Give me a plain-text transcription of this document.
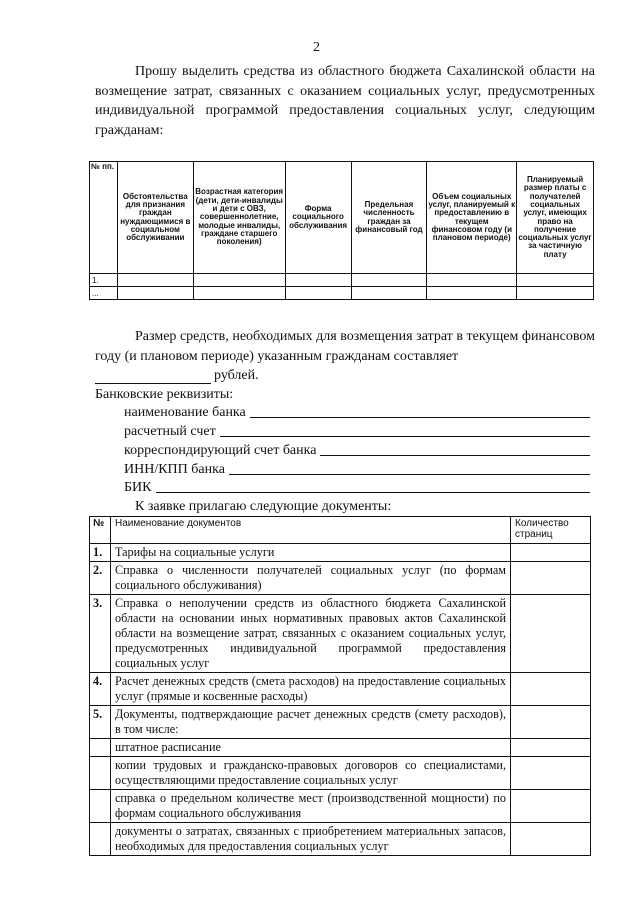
2
Прошу выделить средства из областного бюджета Сахалинской области на возмещение затрат, связанных с оказанием социальных услуг, предусмотренных индивидуальной программой предоставления социальных услуг, следующим гражданам:
№ пп.	Обстоятельства для признания граждан нуждающимися в социальном обслуживании	Возрастная категория (дети, дети-инвалиды и дети с ОВЗ, совершеннолетние, молодые инвалиды, граждане старшего поколения)	Форма социального обслуживания	Предельная численность граждан за финансовый год	Объем социальных услуг, планируемый к предоставлению в текущем финансовом году (и плановом периоде)	Планируемый размер платы с получателей социальных услуг, имеющих право на получение социальных услуг за частичную плату
1.						
...						
Размер средств, необходимых для возмещения затрат в текущем финансовом году (и плановом периоде) указанным гражданам составляет
рублей.
Банковские реквизиты:
наименование банка
расчетный счет
корреспондирующий счет банка
ИНН/КПП банка
БИК
К заявке прилагаю следующие документы:
№	Наименование документов	Количество страниц
1.	Тарифы на социальные услуги	
2.	Справка о численности получателей социальных услуг (по формам социального обслуживания)	
3.	Справка о неполучении средств из областного бюджета Сахалинской области на основании иных нормативных правовых актов Сахалинской области на возмещение затрат, связанных с оказанием социальных услуг, предусмотренных индивидуальной программой предоставления социальных услуг	
4.	Расчет денежных средств (смета расходов) на предоставление социальных услуг (прямые и косвенные расходы)	
5.	Документы, подтверждающие расчет денежных средств (смету расходов), в том числе:	
	штатное расписание	
	копии трудовых и гражданско-правовых договоров со специалистами, осуществляющими предоставление социальных услуг	
	справка о предельном количестве мест (производственной мощности) по формам социального обслуживания	
	документы о затратах, связанных с приобретением материальных запасов, необходимых для предоставления социальных услуг	
